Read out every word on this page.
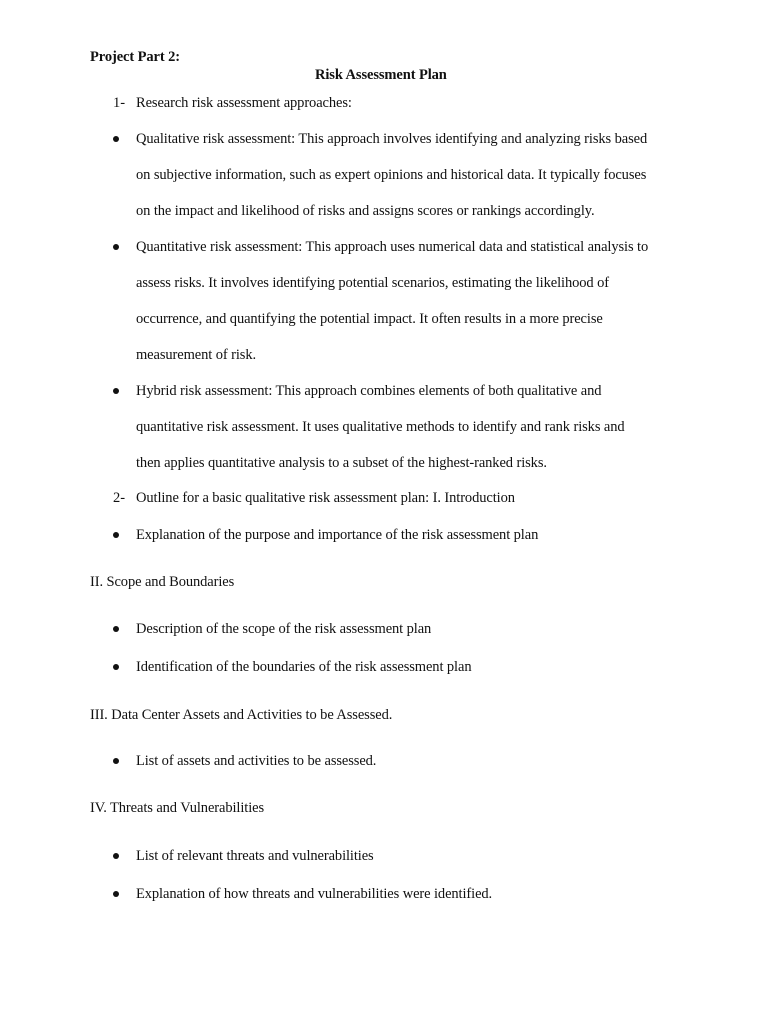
Project Part 2:
Risk Assessment Plan
1- Research risk assessment approaches:
Qualitative risk assessment: This approach involves identifying and analyzing risks based
on subjective information, such as expert opinions and historical data. It typically focuses
on the impact and likelihood of risks and assigns scores or rankings accordingly.
Quantitative risk assessment: This approach uses numerical data and statistical analysis to
assess risks. It involves identifying potential scenarios, estimating the likelihood of
occurrence, and quantifying the potential impact. It often results in a more precise
measurement of risk.
Hybrid risk assessment: This approach combines elements of both qualitative and
quantitative risk assessment. It uses qualitative methods to identify and rank risks and
then applies quantitative analysis to a subset of the highest-ranked risks.
2- Outline for a basic qualitative risk assessment plan: I. Introduction
Explanation of the purpose and importance of the risk assessment plan
II. Scope and Boundaries
Description of the scope of the risk assessment plan
Identification of the boundaries of the risk assessment plan
III. Data Center Assets and Activities to be Assessed.
List of assets and activities to be assessed.
IV. Threats and Vulnerabilities
List of relevant threats and vulnerabilities
Explanation of how threats and vulnerabilities were identified.
